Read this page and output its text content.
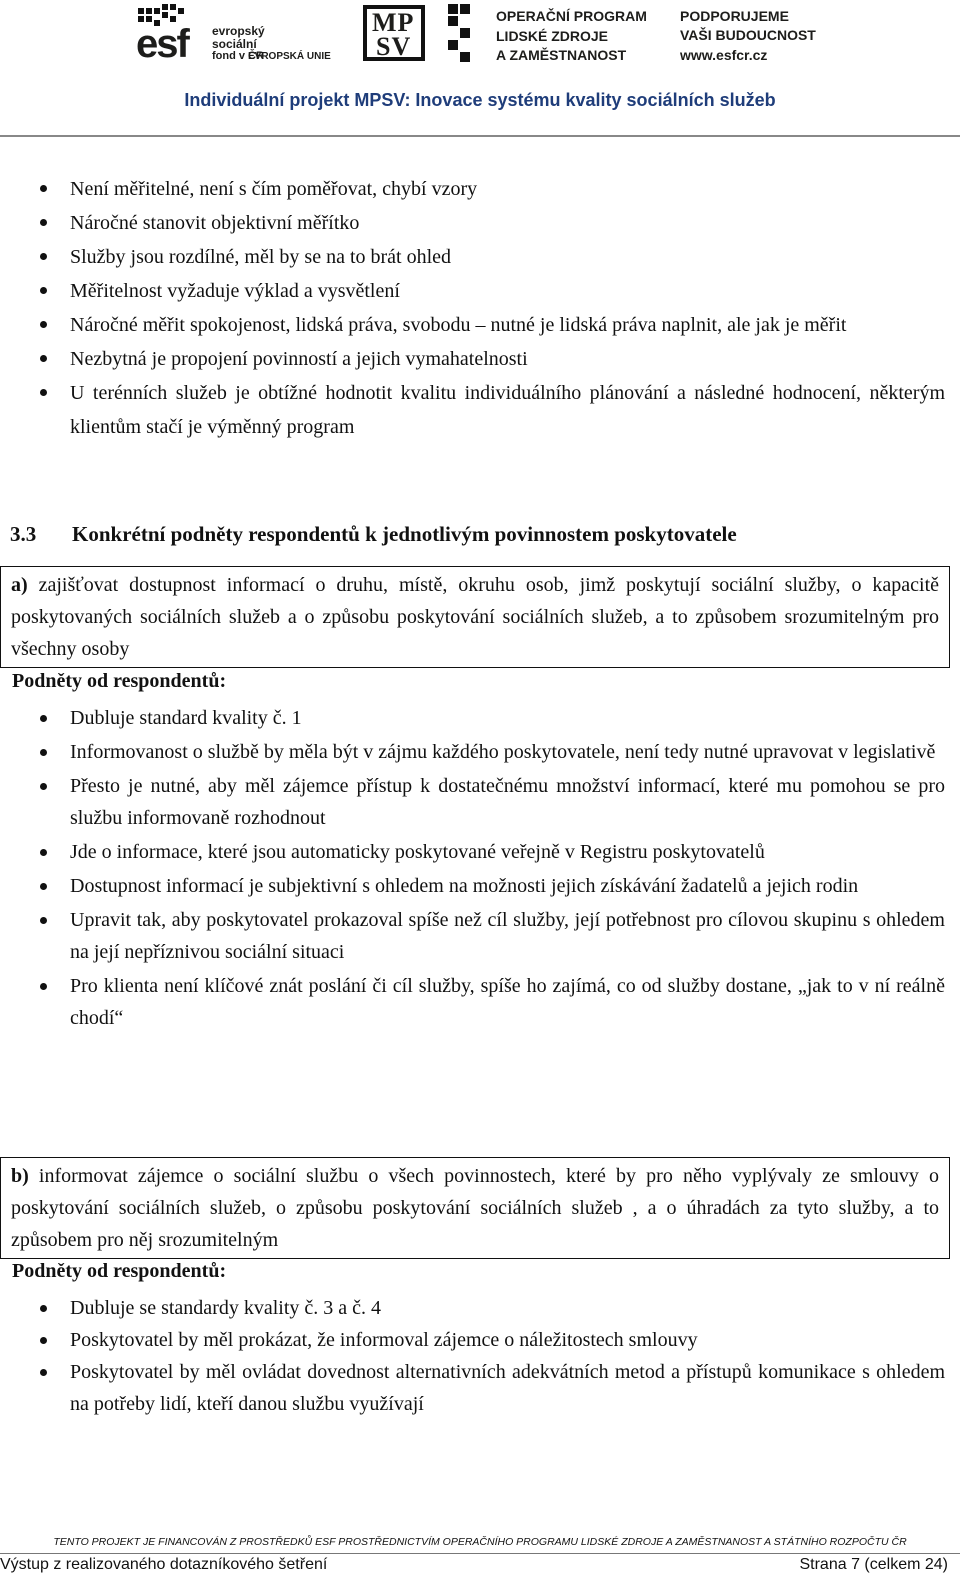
esf evropský
sociální
fond v ČR
EVROPSKÁ UNIE
MP
SV
OPERAČNÍ PROGRAM
LIDSKÉ ZDROJE
A ZAMĚSTNANOST
PODPORUJEME
VAŠI BUDOUCNOST
www.esfcr.cz
Individuální projekt MPSV: Inovace systému kvality sociálních služeb
Není měřitelné, není s čím poměřovat, chybí vzory
Náročné stanovit objektivní měřítko
Služby jsou rozdílné, měl by se na to brát ohled
Měřitelnost vyžaduje výklad a vysvětlení
Náročné měřit spokojenost, lidská práva, svobodu – nutné je lidská práva naplnit, ale jak je měřit
Nezbytná je propojení povinností a jejich vymahatelnosti
U terénních služeb je obtížné hodnotit kvalitu individuálního plánování a následné hodnocení, některým klientům stačí je výměnný program
3.3 Konkrétní podněty respondentů k jednotlivým povinnostem poskytovatele
a) zajišťovat dostupnost informací o druhu, místě, okruhu osob, jimž poskytují sociální služby, o kapacitě poskytovaných sociálních služeb a o způsobu poskytování sociálních služeb, a to způsobem srozumitelným pro všechny osoby
Podněty od respondentů:
Dubluje standard kvality č. 1
Informovanost o službě by měla být v zájmu každého poskytovatele, není tedy nutné upravovat v legislativě
Přesto je nutné, aby měl zájemce přístup k dostatečnému množství informací, které mu pomohou se pro službu informovaně rozhodnout
Jde o informace, které jsou automaticky poskytované veřejně v Registru poskytovatelů
Dostupnost informací je subjektivní s ohledem na možnosti jejich získávání žadatelů a jejich rodin
Upravit tak, aby poskytovatel prokazoval spíše než cíl služby, její potřebnost pro cílovou skupinu s ohledem na její nepříznivou sociální situaci
Pro klienta není klíčové znát poslání či cíl služby, spíše ho zajímá, co od služby dostane, „jak to v ní reálně chodí“
b) informovat zájemce o sociální službu o všech povinnostech, které by pro něho vyplývaly ze smlouvy o poskytování sociálních služeb, o způsobu poskytování sociálních služeb , a o úhradách za tyto služby, a to způsobem pro něj srozumitelným
Podněty od respondentů:
Dubluje se standardy kvality č. 3 a č. 4
Poskytovatel by měl prokázat, že informoval zájemce o náležitostech smlouvy
Poskytovatel by měl ovládat dovednost alternativních adekvátních metod a přístupů komunikace s ohledem na potřeby lidí, kteří danou službu využívají
TENTO PROJEKT JE FINANCOVÁN Z PROSTŘEDKŮ ESF PROSTŘEDNICTVÍM OPERAČNÍHO PROGRAMU LIDSKÉ ZDROJE A ZAMĚSTNANOST A STÁTNÍHO ROZPOČTU ČR
Výstup z realizovaného dotazníkového šetření	Strana 7 (celkem 24)
